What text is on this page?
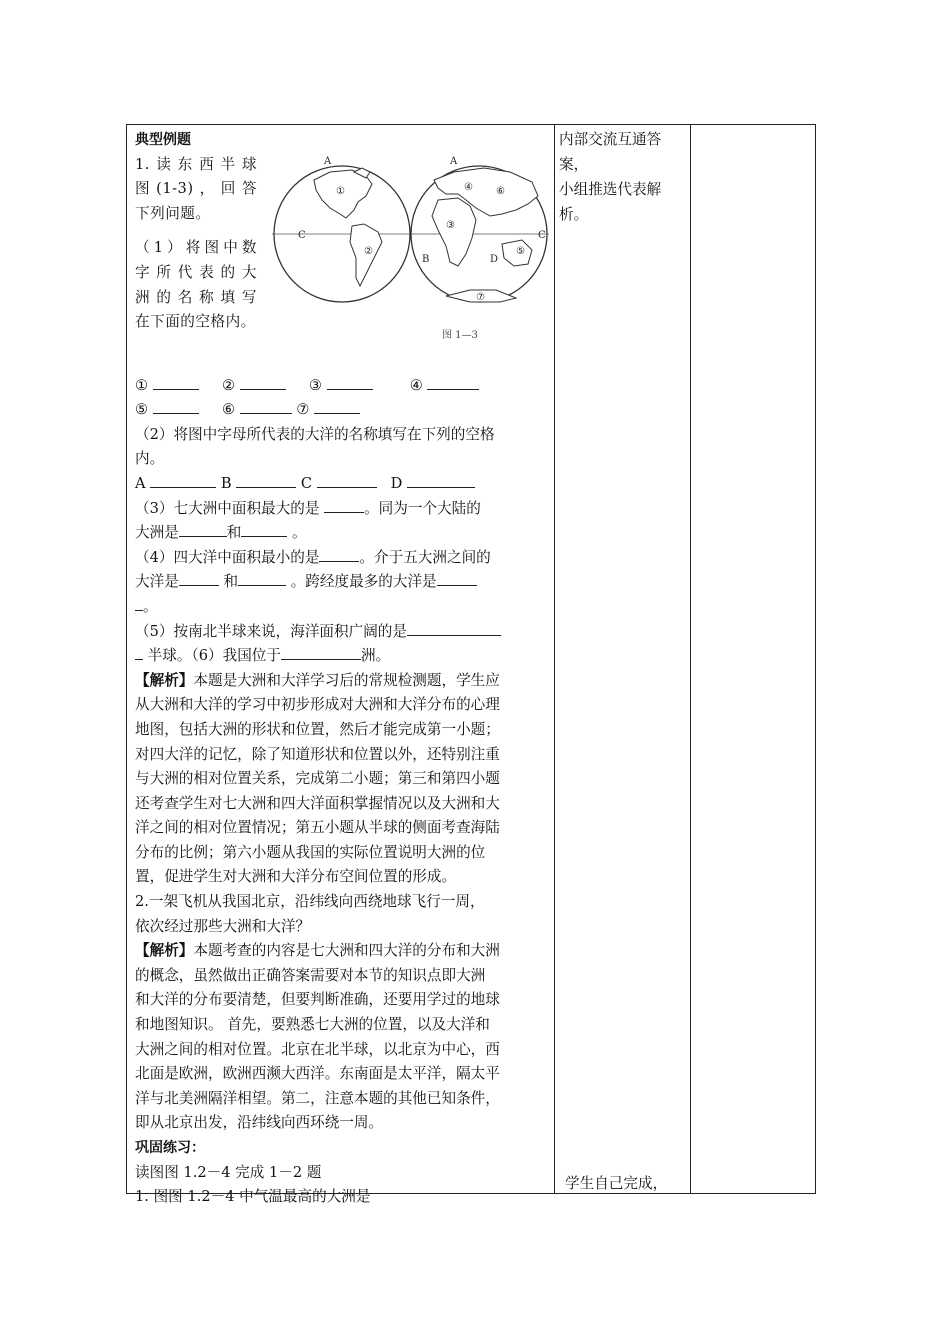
典型例题

1.读东西半球

图(1-3)，回答

下列问题。

（1）将图中数

字所代表的大

洲的名称填写

在下面的空格内。

A
C
①
②
A
C
B	D
③
④
⑤
⑥
⑦
图 1—3

①	②	③	④

⑤	⑥	⑦

（2）将图中字母所代表的大洋的名称填写在下列的空格

内。

A	B	C	D

（3）七大洲中面积最大的是	。同为一个大陆的

大洲是	和	。

（4）四大洋中面积最小的是	。介于五大洲之间的

大洋是	和	。跨经度最多的大洋是

。

（5）按南北半球来说，海洋面积广阔的是

半球。（6）我国位于	洲。

【解析】本题是大洲和大洋学习后的常规检测题，学生应

从大洲和大洋的学习中初步形成对大洲和大洋分布的心理

地图，包括大洲的形状和位置，然后才能完成第一小题；

对四大洋的记忆，除了知道形状和位置以外，还特别注重

与大洲的相对位置关系，完成第二小题；第三和第四小题

还考查学生对七大洲和四大洋面积掌握情况以及大洲和大

洋之间的相对位置情况；第五小题从半球的侧面考查海陆

分布的比例；第六小题从我国的实际位置说明大洲的位

置，促进学生对大洲和大洋分布空间位置的形成。

2.一架飞机从我国北京，沿纬线向西绕地球飞行一周，

依次经过那些大洲和大洋？

【解析】本题考查的内容是七大洲和四大洋的分布和大洲

的概念，虽然做出正确答案需要对本节的知识点即大洲

和大洋的分布要清楚，但要判断准确，还要用学过的地球

和地图知识。 首先，要熟悉七大洲的位置，以及大洋和

大洲之间的相对位置。北京在北半球，以北京为中心，西

北面是欧洲，欧洲西濒大西洋。东南面是太平洋，隔太平

洋与北美洲隔洋相望。第二，注意本题的其他已知条件，

即从北京出发，沿纬线向西环绕一周。

巩固练习：

读图图 1.2－4 完成 1－2 题

1. 图图 1.2－4 中气温最高的大洲是

内部交流互通答

案，

小组推选代表解

析。

学生自己完成，
